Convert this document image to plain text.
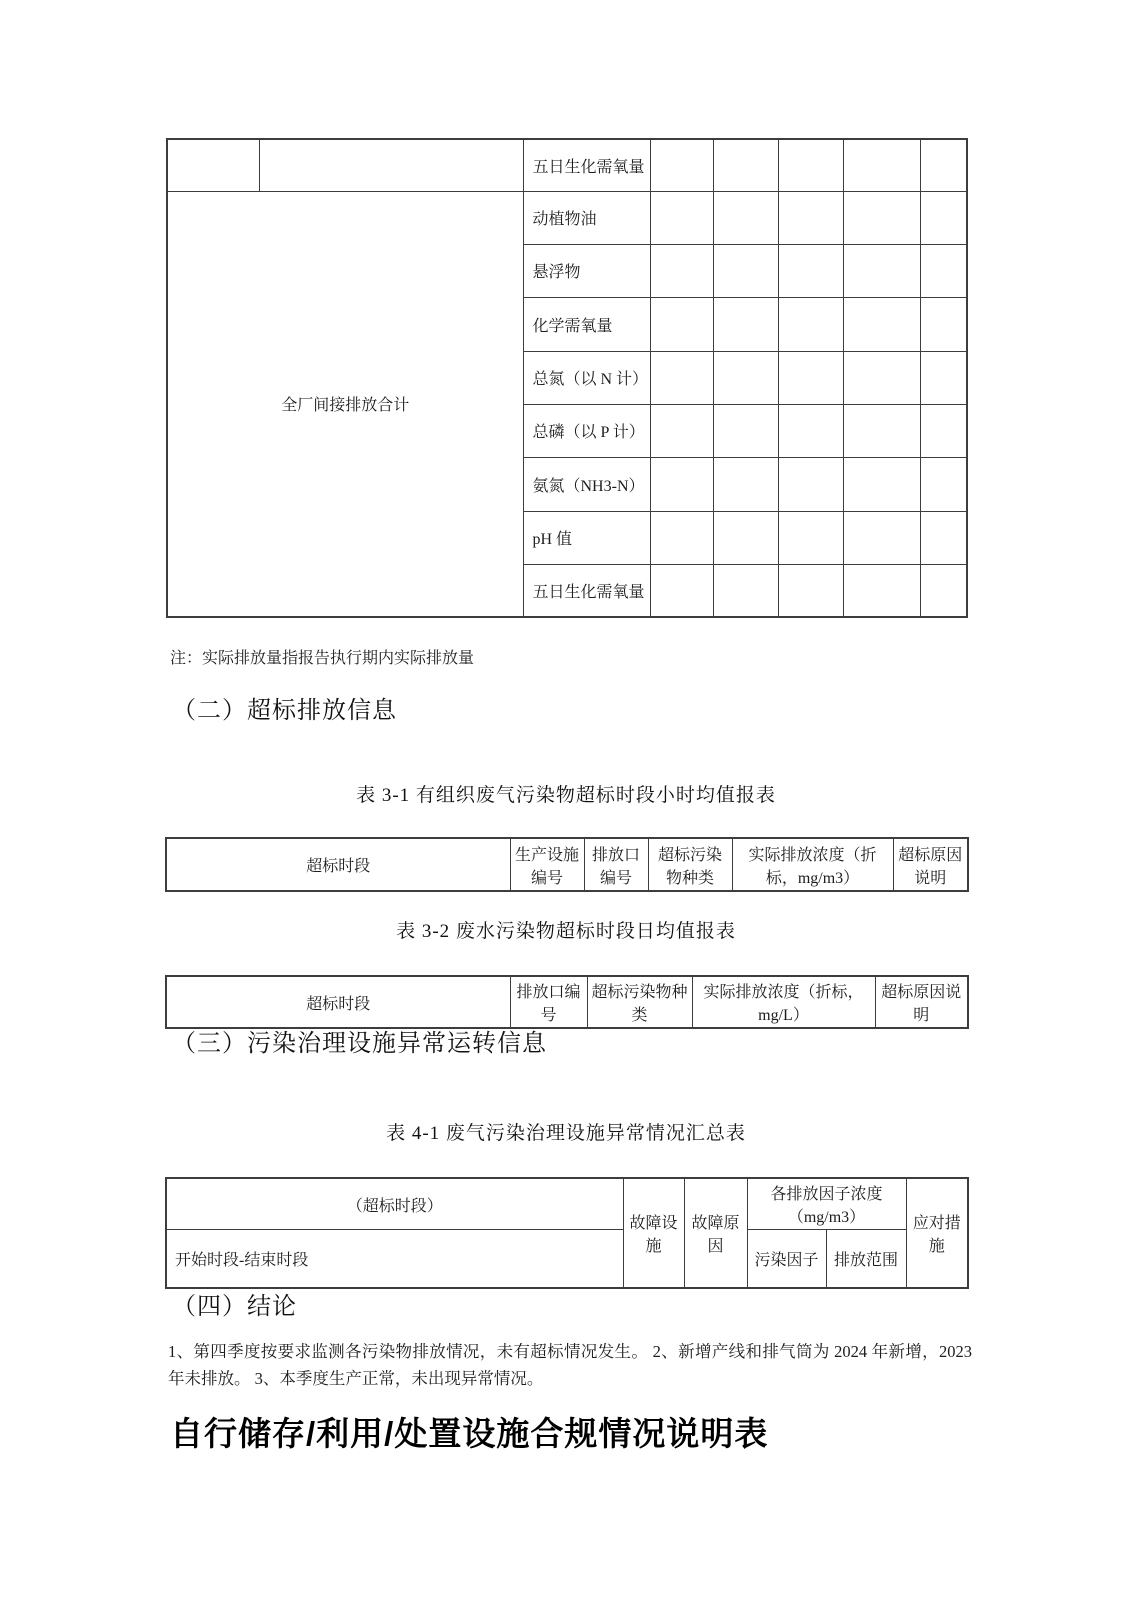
		五日生化需氧量					
全厂间接排放合计		动植物油					
		悬浮物					
		化学需氧量					
		总氮（以 N 计）					
		总磷（以 P 计）					
		氨氮（NH3-N）					
		pH 值					
		五日生化需氧量					
注：实际排放量指报告执行期内实际排放量
（二）超标排放信息
表 3-1 有组织废气污染物超标时段小时均值报表
超标时段	生产设施编号	排放口编号	超标污染物种类	实际排放浓度（折标，mg/m3）	超标原因说明
表 3-2 废水污染物超标时段日均值报表
超标时段	排放口编号	超标污染物种类	实际排放浓度（折标，mg/L）	超标原因说明
（三）污染治理设施异常运转信息
表 4-1 废气污染治理设施异常情况汇总表
（超标时段）	故障设施	故障原因	各排放因子浓度（mg/m3）		应对措施
开始时段-结束时段			污染因子	排放范围	
（四）结论
1、第四季度按要求监测各污染物排放情况，未有超标情况发生。 2、新增产线和排气筒为 2024 年新增，2023 年未排放。 3、本季度生产正常，未出现异常情况。
自行储存/利用/处置设施合规情况说明表
